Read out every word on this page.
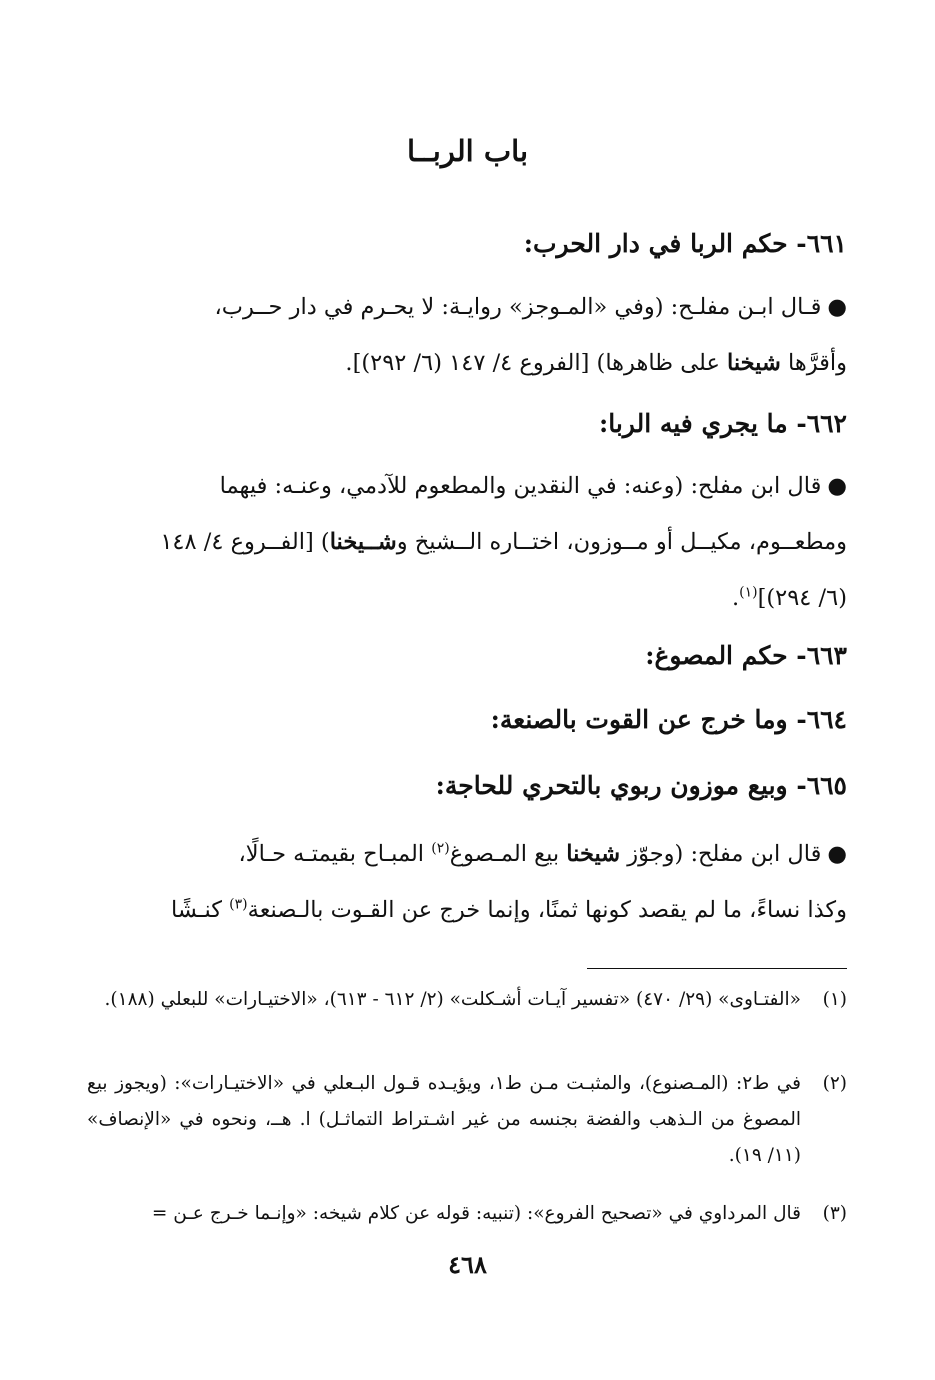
باب الربــا
٦٦١- حكم الربا في دار الحرب:
●قـال ابـن مفلـح: (وفي «المـوجز» روايـة: لا يحـرم في دار حــرب،
وأقرَّها شيخنا على ظاهرها) [الفروع ٤/ ١٤٧ (٦/ ٢٩٢)].
٦٦٢- ما يجري فيه الربا:
●قال ابن مفلح: (وعنه: في النقدين والمطعوم للآدمي، وعنـه: فيهما
ومطعــوم، مكيــل أو مــوزون، اختــاره الــشيخ وشــيخنا) [الفــروع ٤/ ١٤٨
(٦/ ٢٩٤)]$^{(١)}$.
٦٦٣- حكم المصوغ:
٦٦٤- وما خرج عن القوت بالصنعة:
٦٦٥- وبيع موزون ربوي بالتحري للحاجة:
●قال ابن مفلح: (وجوّز شيخنا بيع المـصوغ$^{(٢)}$ المبـاح بقيمتـه حـالًا،
وكذا نساءً، ما لم يقصد كونها ثمنًا، وإنما خرج عن القـوت بالـصنعة$^{(٣)}$ كنـشًا
(١)
«الفتـاوى» (٢٩/ ٤٧٠) «تفسير آيـات أشـكلت» (٢/ ٦١٢ - ٦١٣)، «الاختيـارات» للبعلي (١٨٨).
(٢)
في ط٢: (المـصنوع)، والمثبـت مـن ط١، ويؤيـده قـول البـعلي في «الاختيـارات»: (ويجوز بيع المصوغ من الـذهب والفضة بجنسه من غير اشـتراط التماثـل) ا. هــ، ونحوه في «الإنصاف» (١١/ ١٩).
(٣)
قال المرداوي في «تصحيح الفروع»: (تنبيه: قوله عن كلام شيخه: «وإنـما خـرج عـن =
٤٦٨
